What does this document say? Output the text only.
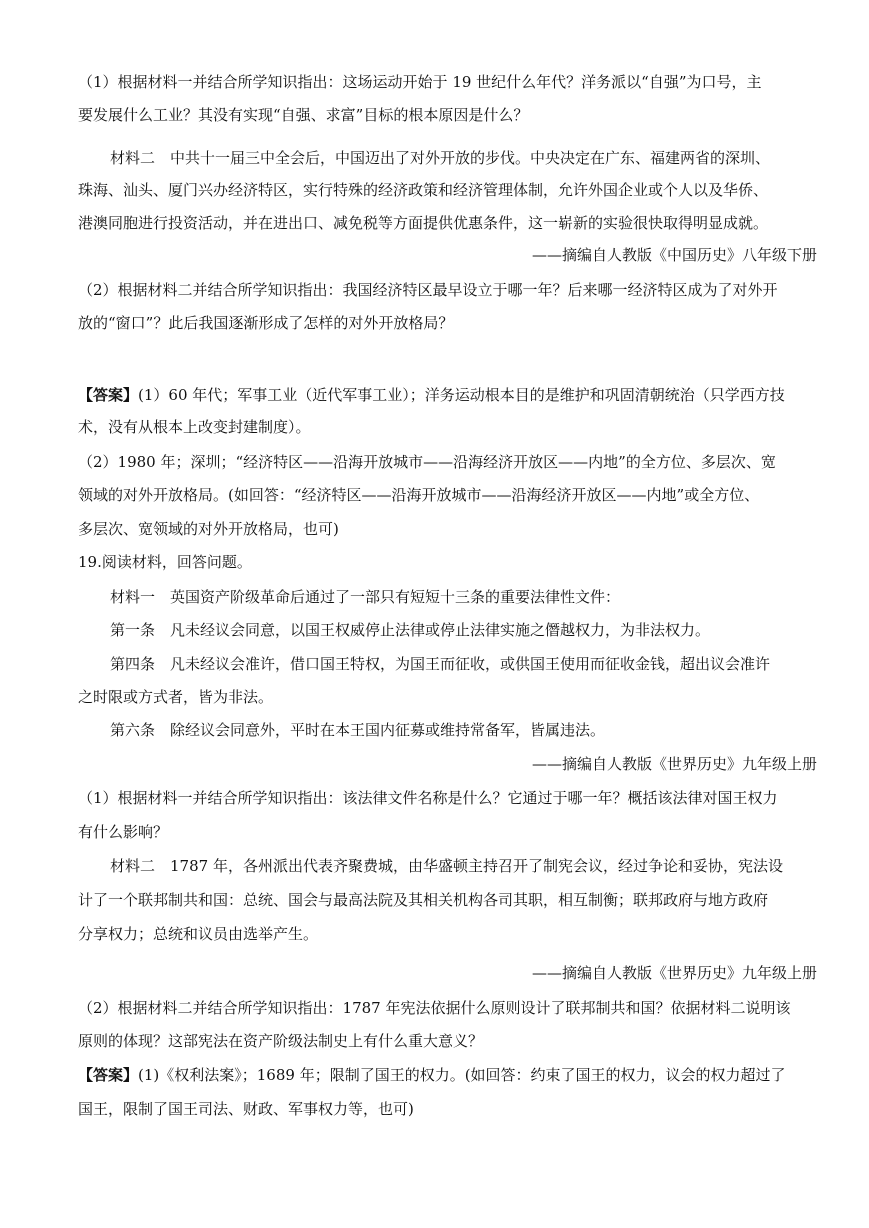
（1）根据材料一并结合所学知识指出：这场运动开始于 19 世纪什么年代？洋务派以“自强”为口号，主
要发展什么工业？其没有实现“自强、求富”目标的根本原因是什么？
材料二　中共十一届三中全会后，中国迈出了对外开放的步伐。中央决定在广东、福建两省的深圳、
珠海、汕头、厦门兴办经济特区，实行特殊的经济政策和经济管理体制，允许外国企业或个人以及华侨、
港澳同胞进行投资活动，并在进出口、减免税等方面提供优惠条件，这一崭新的实验很快取得明显成就。
——摘编自人教版《中国历史》八年级下册
（2）根据材料二并结合所学知识指出：我国经济特区最早设立于哪一年？后来哪一经济特区成为了对外开
放的“窗口”？此后我国逐渐形成了怎样的对外开放格局？
【答案】(1）60 年代；军事工业（近代军事工业）；洋务运动根本目的是维护和巩固清朝统治（只学西方技
术，没有从根本上改变封建制度）。
（2）1980 年；深圳；“经济特区——沿海开放城市——沿海经济开放区——内地”的全方位、多层次、宽
领域的对外开放格局。(如回答：“经济特区——沿海开放城市——沿海经济开放区——内地”或全方位、
多层次、宽领域的对外开放格局，也可)
19.阅读材料，回答问题。
材料一　英国资产阶级革命后通过了一部只有短短十三条的重要法律性文件：
第一条　凡未经议会同意，以国王权威停止法律或停止法律实施之僭越权力，为非法权力。
第四条　凡未经议会准许，借口国王特权，为国王而征收，或供国王使用而征收金钱，超出议会准许
之时限或方式者，皆为非法。
第六条　除经议会同意外，平时在本王国内征募或维持常备军，皆属违法。
——摘编自人教版《世界历史》九年级上册
（1）根据材料一并结合所学知识指出：该法律文件名称是什么？它通过于哪一年？概括该法律对国王权力
有什么影响？
材料二　1787 年，各州派出代表齐聚费城，由华盛顿主持召开了制宪会议，经过争论和妥协，宪法设
计了一个联邦制共和国：总统、国会与最高法院及其相关机构各司其职，相互制衡；联邦政府与地方政府
分享权力；总统和议员由选举产生。
——摘编自人教版《世界历史》九年级上册
（2）根据材料二并结合所学知识指出：1787 年宪法依据什么原则设计了联邦制共和国？依据材料二说明该
原则的体现？这部宪法在资产阶级法制史上有什么重大意义？
【答案】(1)《权利法案》；1689 年；限制了国王的权力。(如回答：约束了国王的权力，议会的权力超过了
国王，限制了国王司法、财政、军事权力等，也可)
